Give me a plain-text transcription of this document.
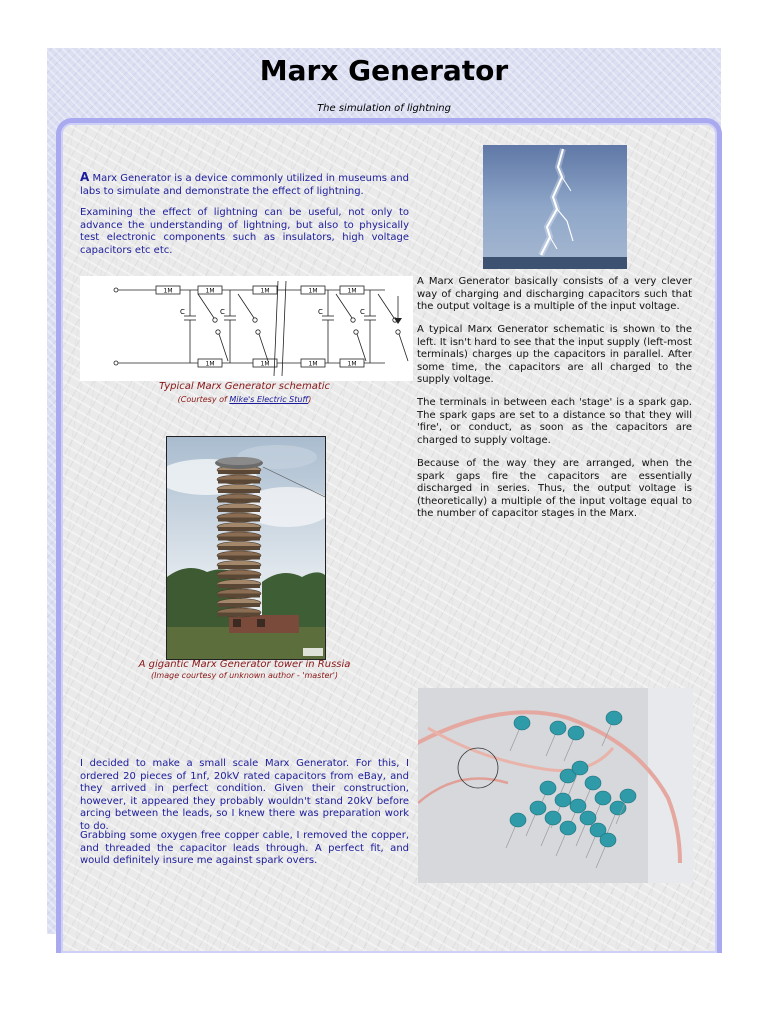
Marx Generator
The simulation of lightning

A Marx Generator is a device commonly utilized in museums and labs to simulate and demonstrate the effect of lightning.

Examining the effect of lightning can be useful, not only to advance the understanding of lightning, but also to physically test electronic components such as insulators, high voltage capacitors etc etc.

1M	1M	1M	1M	1M
1M	1M	1M	1M
C	C	C	C
Typical Marx Generator schematic
(Courtesy of Mike's Electric Stuff)

A Marx Generator basically consists of a very clever way of charging and discharging capacitors such that the output voltage is a multiple of the input voltage.

A typical Marx Generator schematic is shown to the left. It isn't hard to see that the input supply (left-most terminals) charges up the capacitors in parallel. After some time, the capacitors are all charged to the supply voltage.

The terminals in between each 'stage' is a spark gap. The spark gaps are set to a distance so that they will 'fire', or conduct, as soon as the capacitors are charged to supply voltage.

Because of the way they are arranged, when the spark gaps fire the capacitors are essentially discharged in series. Thus, the output voltage is (theoretically) a multiple of the input voltage equal to the number of capacitor stages in the Marx.

A gigantic Marx Generator tower in Russia
(Image courtesy of unknown author - 'master')

I decided to make a small scale Marx Generator. For this, I ordered 20 pieces of 1nf, 20kV rated capacitors from eBay, and they arrived in perfect condition. Given their construction, however, it appeared they probably wouldn't stand 20kV before arcing between the leads, so I knew there was preparation work to do.

Grabbing some oxygen free copper cable, I removed the copper, and threaded the capacitor leads through. A perfect fit, and would definitely insure me against spark overs.
